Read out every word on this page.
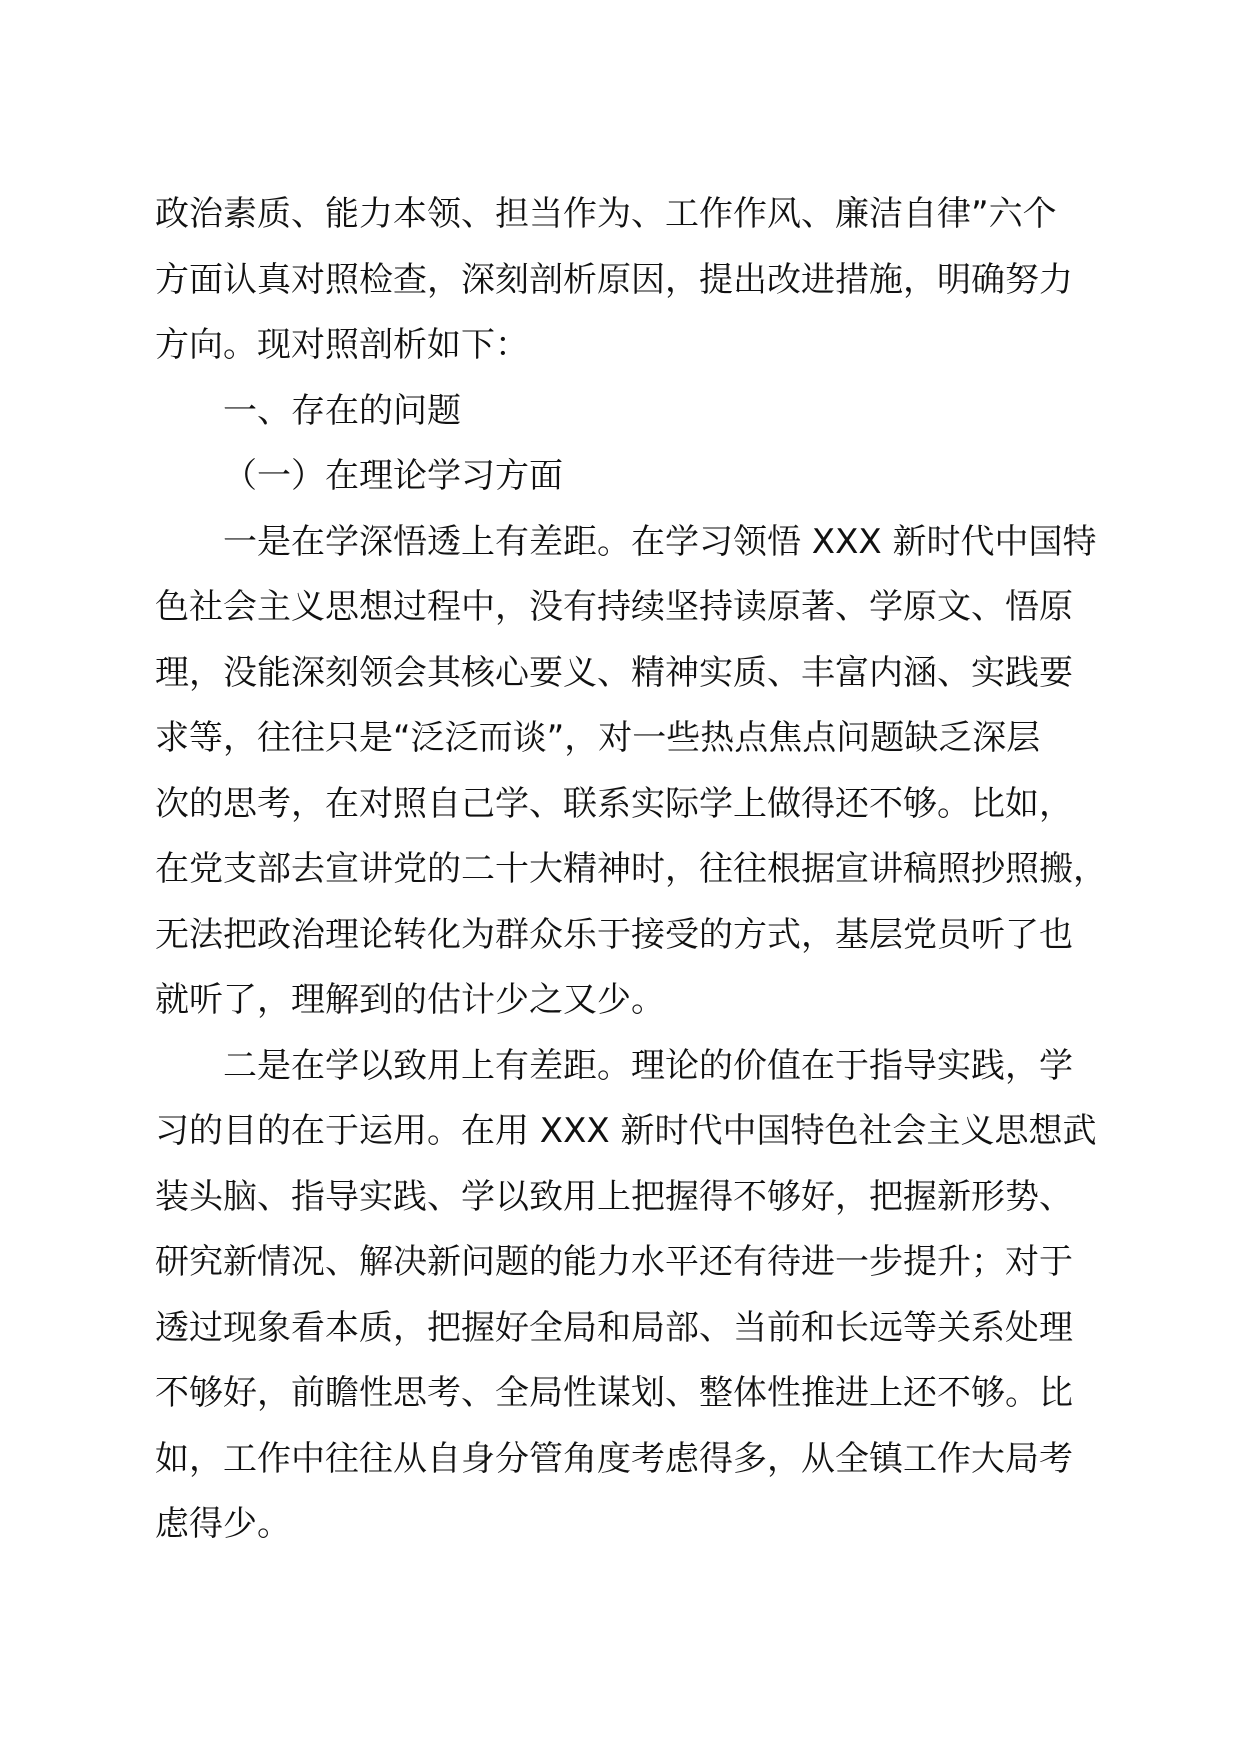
政治素质、能力本领、担当作为、工作作风、廉洁自律”六个
方面认真对照检查，深刻剖析原因，提出改进措施，明确努力
方向。现对照剖析如下：
一、存在的问题
（一）在理论学习方面
一是在学深悟透上有差距。在学习领悟 XXX 新时代中国特
色社会主义思想过程中，没有持续坚持读原著、学原文、悟原
理，没能深刻领会其核心要义、精神实质、丰富内涵、实践要
求等，往往只是“泛泛而谈”，对一些热点焦点问题缺乏深层
次的思考，在对照自己学、联系实际学上做得还不够。比如，
在党支部去宣讲党的二十大精神时，往往根据宣讲稿照抄照搬，
无法把政治理论转化为群众乐于接受的方式，基层党员听了也
就听了，理解到的估计少之又少。
二是在学以致用上有差距。理论的价值在于指导实践，学
习的目的在于运用。在用 XXX 新时代中国特色社会主义思想武
装头脑、指导实践、学以致用上把握得不够好，把握新形势、
研究新情况、解决新问题的能力水平还有待进一步提升；对于
透过现象看本质，把握好全局和局部、当前和长远等关系处理
不够好，前瞻性思考、全局性谋划、整体性推进上还不够。比
如，工作中往往从自身分管角度考虑得多，从全镇工作大局考
虑得少。
